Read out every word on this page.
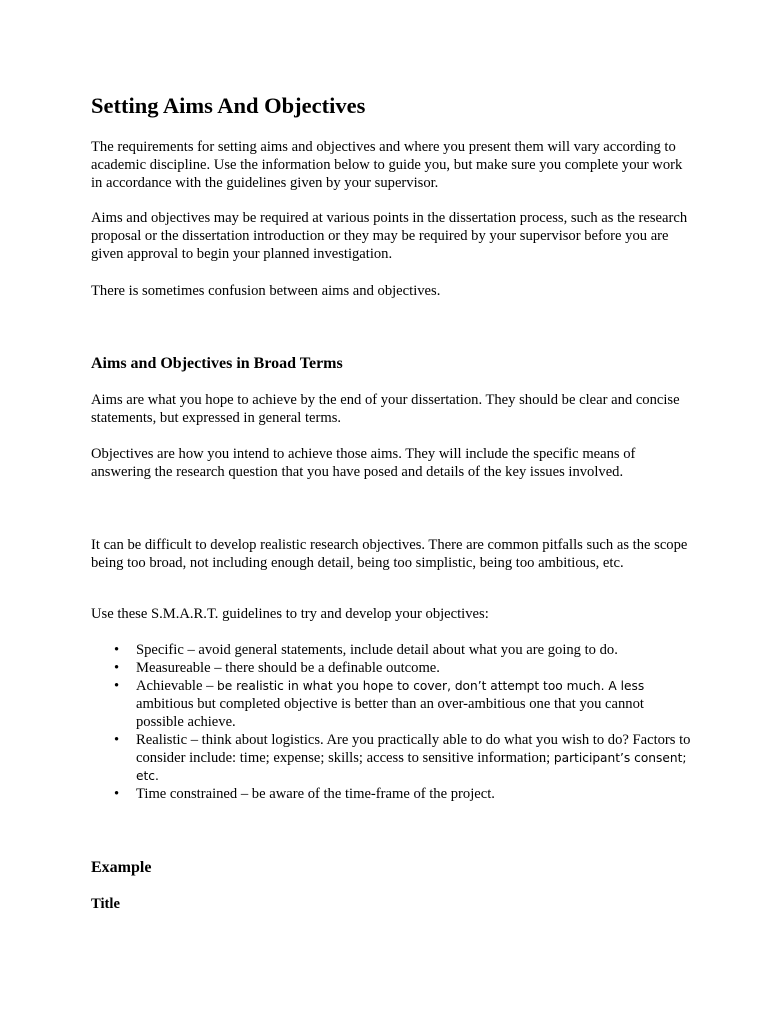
Setting Aims And Objectives

The requirements for setting aims and objectives and where you present them will vary according to academic discipline. Use the information below to guide you, but make sure you complete your work in accordance with the guidelines given by your supervisor.

Aims and objectives may be required at various points in the dissertation process, such as the research proposal or the dissertation introduction or they may be required by your supervisor before you are given approval to begin your planned investigation.

There is sometimes confusion between aims and objectives.

Aims and Objectives in Broad Terms

Aims are what you hope to achieve by the end of your dissertation. They should be clear and concise statements, but expressed in general terms.

Objectives are how you intend to achieve those aims. They will include the specific means of answering the research question that you have posed and details of the key issues involved.

It can be difficult to develop realistic research objectives. There are common pitfalls such as the scope being too broad, not including enough detail, being too simplistic, being too ambitious, etc.

Use these S.M.A.R.T. guidelines to try and develop your objectives:

• Specific – avoid general statements, include detail about what you are going to do.
• Measureable – there should be a definable outcome.
• Achievable – be realistic in what you hope to cover, don’t attempt too much. A less ambitious but completed objective is better than an over-ambitious one that you cannot possible achieve.
• Realistic – think about logistics. Are you practically able to do what you wish to do? Factors to consider include: time; expense; skills; access to sensitive information; participant’s consent; etc.
• Time constrained – be aware of the time-frame of the project.
Example

Title
